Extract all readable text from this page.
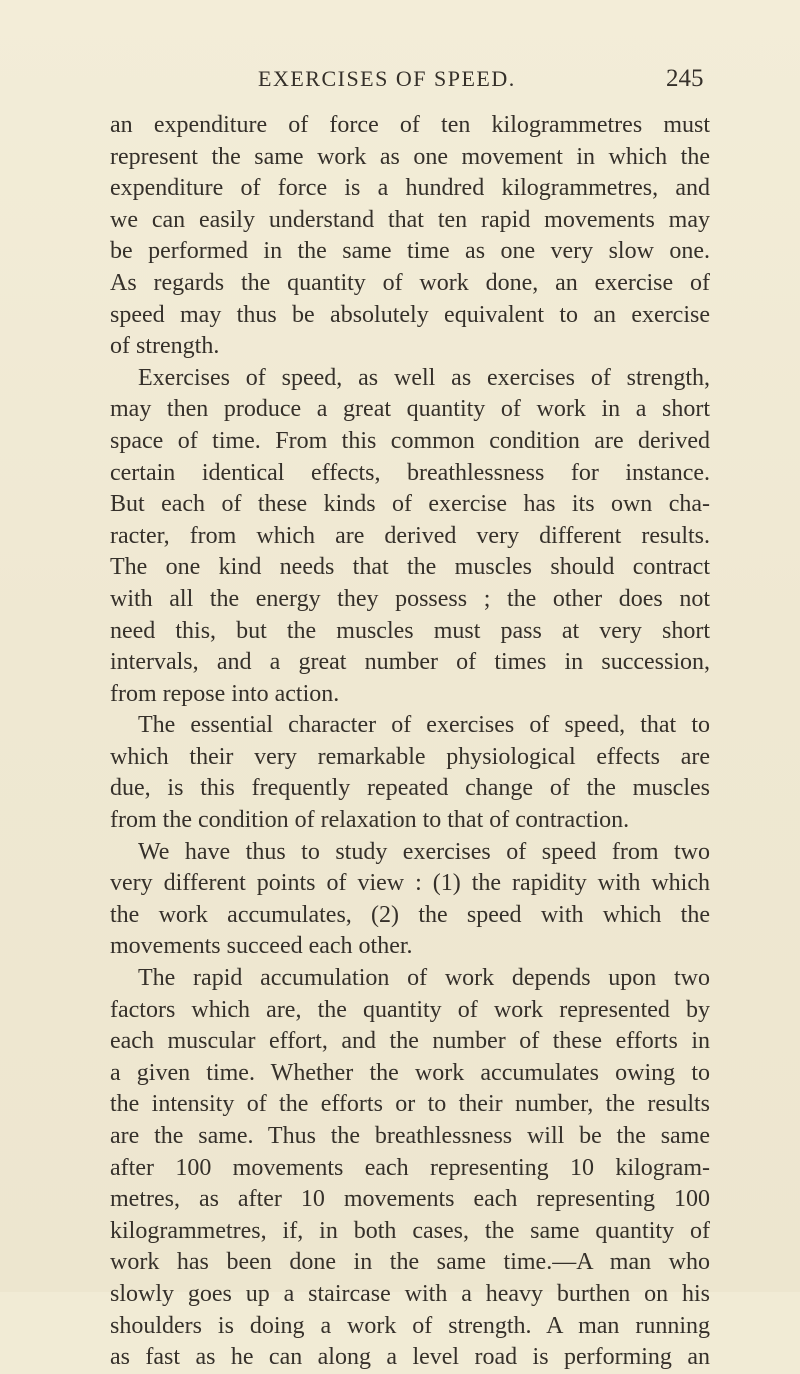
EXERCISES OF SPEED.	245
an expenditure of force of ten kilogrammetres must
represent the same work as one movement in which the
expenditure of force is a hundred kilogrammetres, and
we can easily understand that ten rapid movements may
be performed in the same time as one very slow one.
As regards the quantity of work done, an exercise of
speed may thus be absolutely equivalent to an exercise
of strength.
Exercises of speed, as well as exercises of strength,
may then produce a great quantity of work in a short
space of time. From this common condition are derived
certain identical effects, breathlessness for instance.
But each of these kinds of exercise has its own cha-
racter, from which are derived very different results.
The one kind needs that the muscles should contract
with all the energy they possess ; the other does not
need this, but the muscles must pass at very short
intervals, and a great number of times in succession,
from repose into action.
The essential character of exercises of speed, that to
which their very remarkable physiological effects are
due, is this frequently repeated change of the muscles
from the condition of relaxation to that of contraction.
We have thus to study exercises of speed from two
very different points of view : (1) the rapidity with which
the work accumulates, (2) the speed with which the
movements succeed each other.
The rapid accumulation of work depends upon two
factors which are, the quantity of work represented by
each muscular effort, and the number of these efforts in
a given time. Whether the work accumulates owing to
the intensity of the efforts or to their number, the results
are the same. Thus the breathlessness will be the same
after 100 movements each representing 10 kilogram-
metres, as after 10 movements each representing 100
kilogrammetres, if, in both cases, the same quantity of
work has been done in the same time.—A man who
slowly goes up a staircase with a heavy burthen on his
shoulders is doing a work of strength. A man running
as fast as he can along a level road is performing an
